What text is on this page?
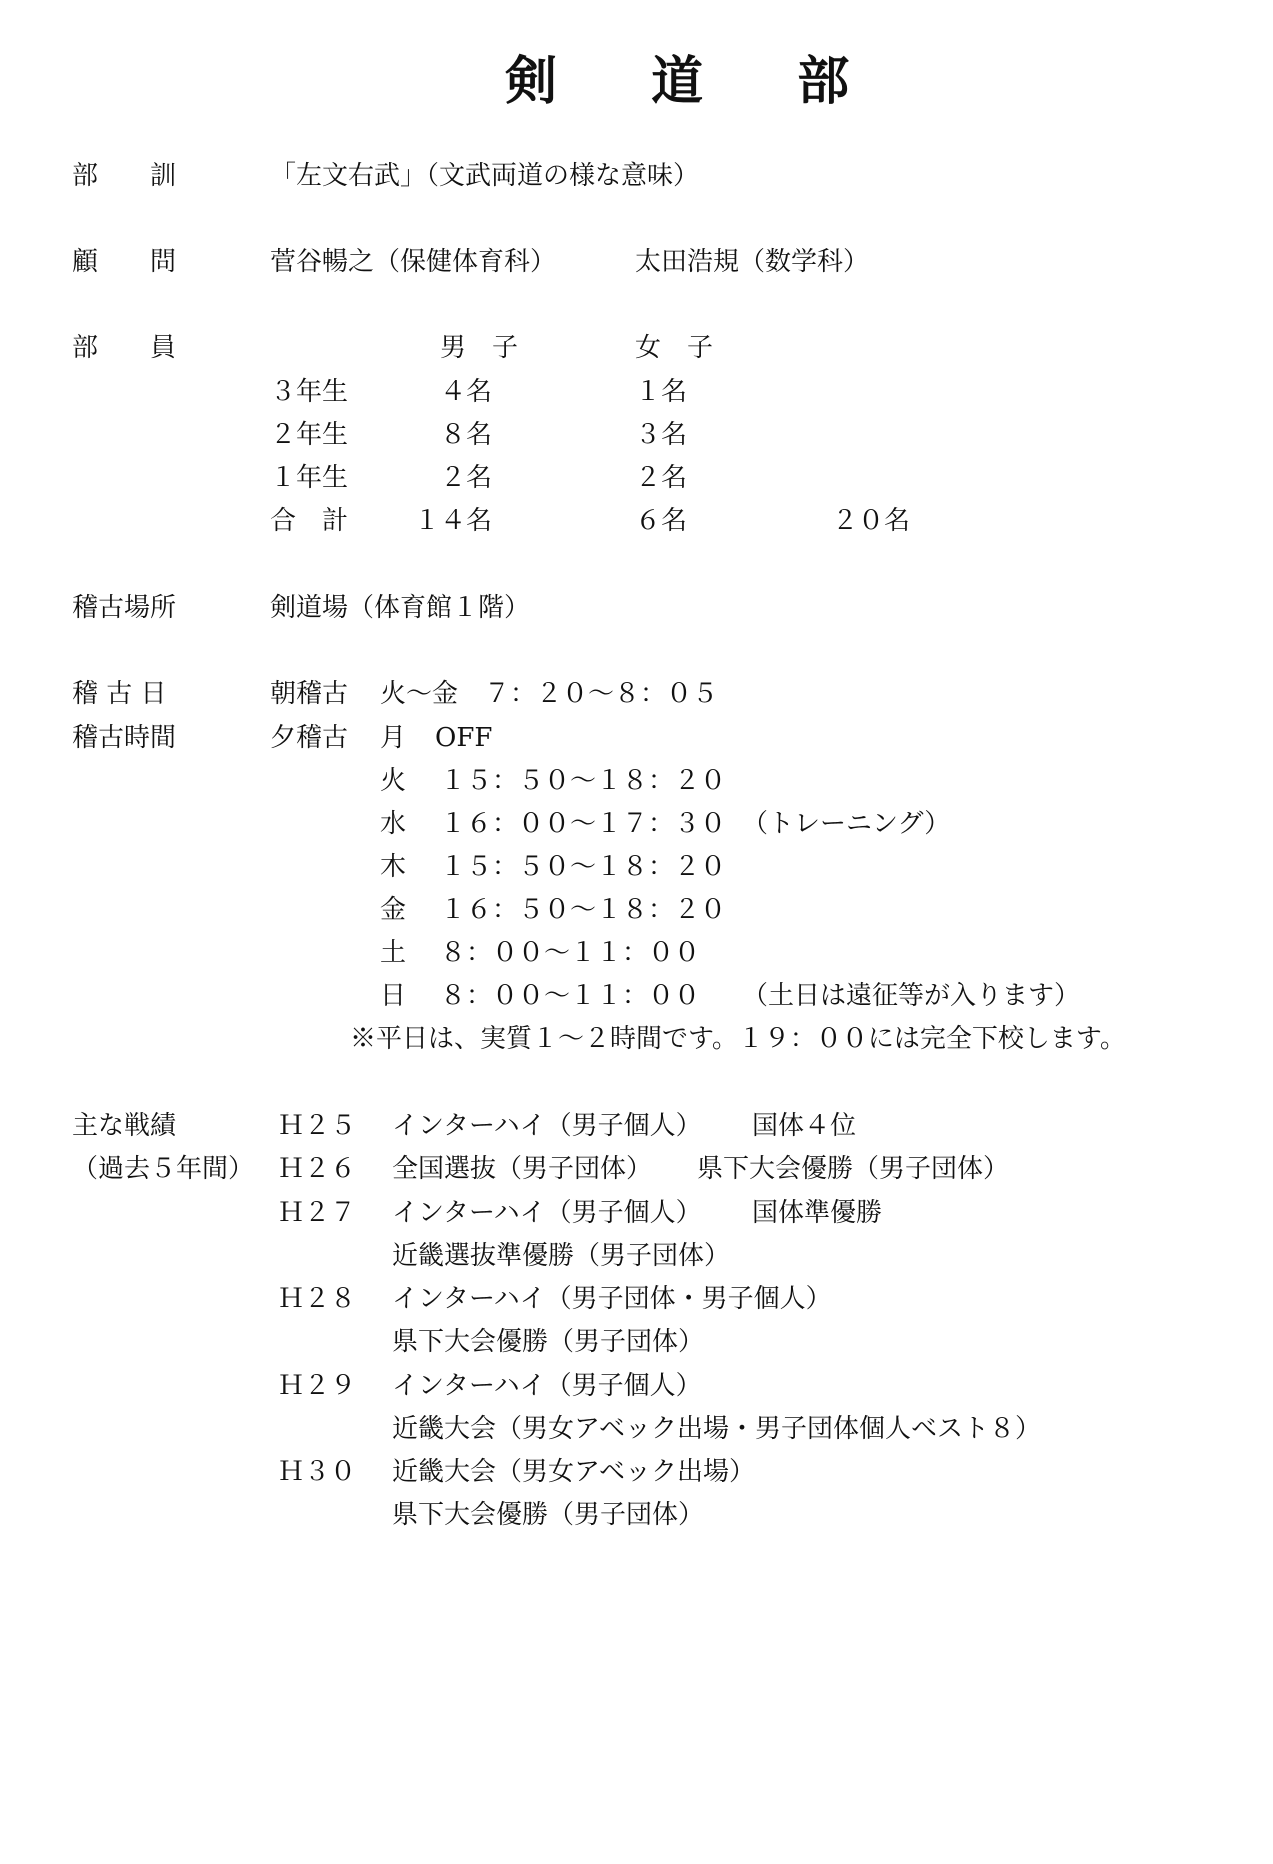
剣 道 部
部　　訓	「左文右武」（文武両道の様な意味）
顧　　問	菅谷暢之（保健体育科）	太田浩規（数学科）
部　　員	男　子	女　子
３年生	４名	１名
２年生	８名	３名
１年生	２名	２名
合　計	１４名	６名	２０名
稽古場所	剣道場（体育館１階）
稽 古 日	朝稽古 火～金　７：２０～８：０５
稽古時間	夕稽古 月 OFF
火 １５：５０～１８：２０
水 １６：００～１７：３０ （トレーニング）
木 １５：５０～１８：２０
金 １６：５０～１８：２０
土 ８：００～１１：００
日 ８：００～１１：００ （土日は遠征等が入ります）
※平日は、実質１～２時間です。１９：００には完全下校します。
主な戦績
（過去５年間）
Ｈ２５ インターハイ（男子個人） 国体４位
Ｈ２６ 全国選抜（男子団体） 県下大会優勝（男子団体）
Ｈ２７ インターハイ（男子個人） 国体準優勝
近畿選抜準優勝（男子団体）
Ｈ２８ インターハイ（男子団体・男子個人）
県下大会優勝（男子団体）
Ｈ２９ インターハイ（男子個人）
近畿大会（男女アベック出場・男子団体個人ベスト８）
Ｈ３０ 近畿大会（男女アベック出場）
県下大会優勝（男子団体）
